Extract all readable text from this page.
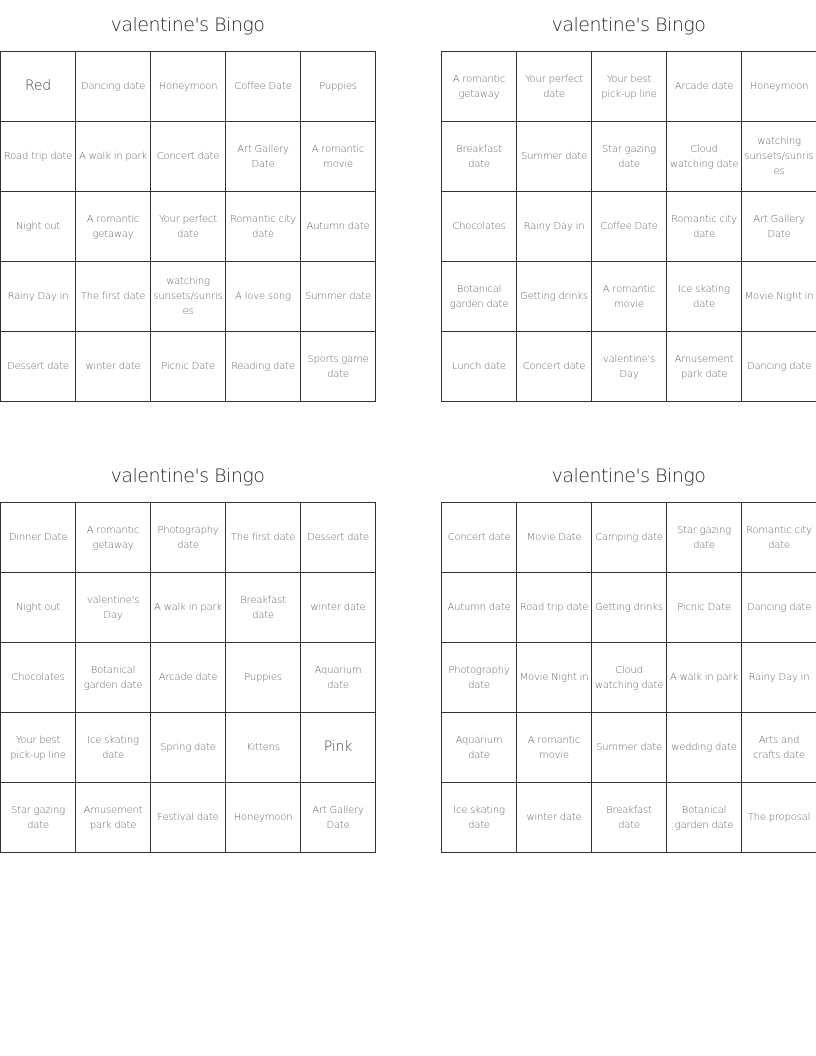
valentine's Bingo
Red	Dancing date	Honeymoon	Coffee Date	Puppies
Road trip date	A walk in park	Concert date	Art Gallery Date	A romantic movie
Night out	A romantic getaway	Your perfect date	Romantic city date	Autumn date
Rainy Day in	The first date	watching sunsets/sunrises	A love song	Summer date
Dessert date	winter date	Picnic Date	Reading date	Sports game date
valentine's Bingo
A romantic getaway	Your perfect date	Your best pick-up line	Arcade date	Honeymoon
Breakfast date	Summer date	Star gazing date	Cloud watching date	watching sunsets/sunrises
Chocolates	Rainy Day in	Coffee Date	Romantic city date	Art Gallery Date
Botanical garden date	Getting drinks	A romantic movie	Ice skating date	Movie Night in
Lunch date	Concert date	valentine's Day	Amusement park date	Dancing date
valentine's Bingo
Dinner Date	A romantic getaway	Photography date	The first date	Dessert date
Night out	valentine's Day	A walk in park	Breakfast date	winter date
Chocolates	Botanical garden date	Arcade date	Puppies	Aquarium date
Your best pick-up line	Ice skating date	Spring date	Kittens	Pink
Star gazing date	Amusement park date	Festival date	Honeymoon	Art Gallery Date
valentine's Bingo
Concert date	Movie Date	Camping date	Star gazing date	Romantic city date
Autumn date	Road trip date	Getting drinks	Picnic Date	Dancing date
Photography date	Movie Night in	Cloud watching date	A walk in park	Rainy Day in
Aquarium date	A romantic movie	Summer date	wedding date	Arts and crafts date
Ice skating date	winter date	Breakfast date	Botanical garden date	The proposal
